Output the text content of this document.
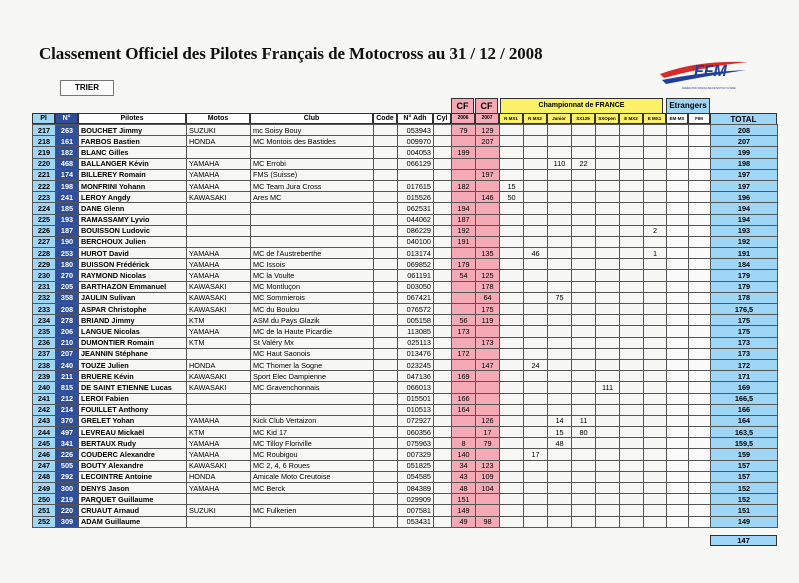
Classement Officiel des Pilotes Français de Motocross au 31 / 12 / 2008
TRIER
FFM
FÉDÉRATION FRANÇAISE DE MOTOCYCLISME
CF	CF	Championnat de FRANCE	Etrangers
Pl	N°	Pilotes	Motos	Club	Code	N° Adh	Cyl	2006	2007	N MX1	N MX2	Junior	SX125	SXOpen	E MX2	E MX1	EM-MX	FIM	TOTAL
217	263	BOUCHET Jimmy	SUZUKI	mc Soisy Bouy		053943		79	129										208
218	161	FARBOS Bastien	HONDA	MC Montois des Bastides		009970			207										207
219	182	BLANC Gilles				004053		199											199
220	468	BALLANGER Kévin	YAMAHA	MC Errobi		066129						110	22						198
221	174	BILLEREY Romain	YAMAHA	FMS (Suisse)					197										197
222	198	MONFRINI Yohann	YAMAHA	MC Team Jura Cross		017615		182		15									197
223	241	LEROY Angdy	KAWASAKI	Ares MC		015526			146	50									196
224	185	DANE Glenn				062531		194											194
225	193	RAMASSAMY Lyvio				044062		187											194
226	187	BOUISSON Ludovic				086229		192								2			193
227	190	BERCHOUX Julien				040100		191											192
228	253	HUROT David	YAMAHA	MC de l'Austreberthe		013174			135		46					1			191
229	180	BUISSON Frédérick	YAMAHA	MC Issois		069852		179											184
230	270	RAYMOND Nicolas	YAMAHA	MC la Voulte		061191		54	125										179
231	205	BARTHAZON Emmanuel	KAWASAKI	MC Montluçon		003050			178										179
232	358	JAULIN Sulivan	KAWASAKI	MC Sommierois		067421			64			75							178
233	208	ASPAR Christophe	KAWASAKI	MC du Boulou		076572			175										176,5
234	278	BRIAND Jimmy	KTM	ASM du Pays Glazik		005158		56	119										175
235	206	LANGUE Nicolas	YAMAHA	MC de la Haute Picardie		113085		173											175
236	210	DUMONTIER Romain	KTM	St Valéry Mx		025113			173										173
237	207	JEANNIN Stéphane		MC Haut Saonois		013476		172											173
238	240	TOUZE Julien	HONDA	MC Thomer la Sogne		023245			147		24								172
239	211	BRUERE Kévin	KAWASAKI	Sport Elec Dampienne		047136		169											171
240	815	DE SAINT ETIENNE Lucas	KAWASAKI	MC Gravenchonnais		066013								111					169
241	212	LEROI Fabien				015501		166											166,5
242	214	FOUILLET Anthony				010513		164											166
243	370	GRELET Yohan	YAMAHA	Kick Club Vertaizon		072927			126			14	11						164
244	497	LEVREAU Mickaël	KTM	MC Kid 17		060356			17			15	80						163,5
245	341	BERTAUX Rudy	YAMAHA	MC Tilloy Floriville		075963		8	79			48							159,5
246	226	COUDERC Alexandre	YAMAHA	MC Roubigou		007329		140			17								159
247	505	BOUTY Alexandre	KAWASAKI	MC 2, 4, 6 Roues		051825		34	123										157
248	292	LECOINTRE Antoine	HONDA	Amicale Moto Creutoise		054585		43	109										157
249	300	DENYS Jason	YAMAHA	MC Berck		084389		48	104										152
250	219	PARQUET Guillaume				029909		151											152
251	220	CRUAUT Arnaud	SUZUKI	MC Fulkerien		007581		149											151
252	309	ADAM Guillaume				053431		49	98										149
147
